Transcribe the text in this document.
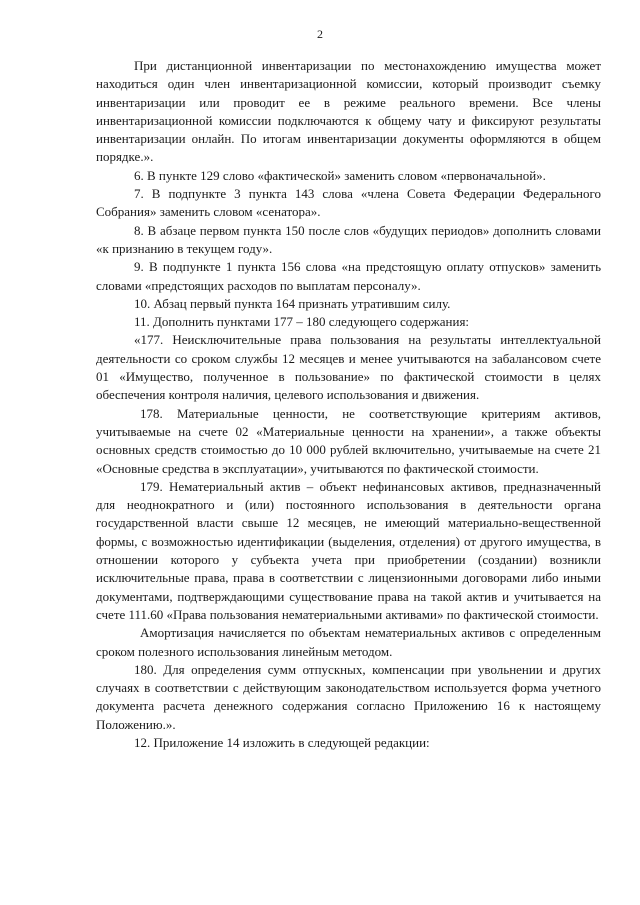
2

При дистанционной инвентаризации по местонахождению имущества может находиться один член инвентаризационной комиссии, который производит съемку инвентаризации или проводит ее в режиме реального времени. Все члены инвентаризационной комиссии подключаются к общему чату и фиксируют результаты инвентаризации онлайн. По итогам инвентаризации документы оформляются в общем порядке.».

6. В пункте 129 слово «фактической» заменить словом «первоначальной».

7. В подпункте 3 пункта 143 слова «члена Совета Федерации Федерального Собрания» заменить словом «сенатора».

8. В абзаце первом пункта 150 после слов «будущих периодов» дополнить словами «к признанию в текущем году».

9. В подпункте 1 пункта 156 слова «на предстоящую оплату отпусков» заменить словами «предстоящих расходов по выплатам персоналу».

10. Абзац первый пункта 164 признать утратившим силу.

11. Дополнить пунктами 177 – 180 следующего содержания:

«177. Неисключительные права пользования на результаты интеллектуальной деятельности со сроком службы 12 месяцев и менее учитываются на забалансовом счете 01 «Имущество, полученное в пользование» по фактической стоимости в целях обеспечения контроля наличия, целевого использования и движения.

178. Материальные ценности, не соответствующие критериям активов, учитываемые на счете 02 «Материальные ценности на хранении», а также объекты основных средств стоимостью до 10 000 рублей включительно, учитываемые на счете 21 «Основные средства в эксплуатации», учитываются по фактической стоимости.

179. Нематериальный актив – объект нефинансовых активов, предназначенный для неоднократного и (или) постоянного использования в деятельности органа государственной власти свыше 12 месяцев, не имеющий материально-вещественной формы, с возможностью идентификации (выделения, отделения) от другого имущества, в отношении которого у субъекта учета при приобретении (создании) возникли исключительные права, права в соответствии с лицензионными договорами либо иными документами, подтверждающими существование права на такой актив и учитывается на счете 111.60 «Права пользования нематериальными активами» по фактической стоимости.

Амортизация начисляется по объектам нематериальных активов с определенным сроком полезного использования линейным методом.

180. Для определения сумм отпускных, компенсации при увольнении и других случаях в соответствии с действующим законодательством используется форма учетного документа расчета денежного содержания согласно Приложению 16 к настоящему Положению.».

12. Приложение 14 изложить в следующей редакции:
